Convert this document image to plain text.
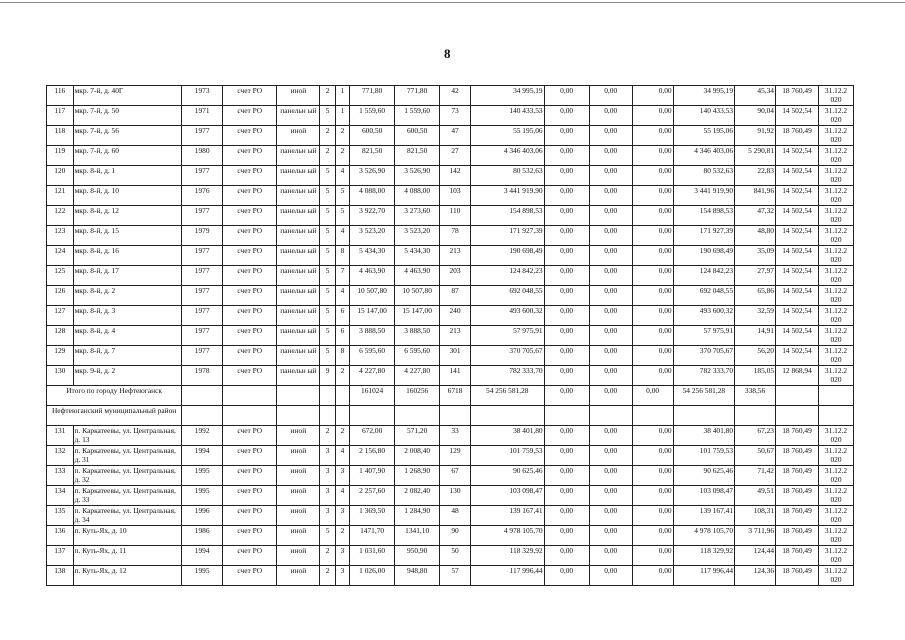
8
116	мкр. 7-й, д. 40Г	1973	счет РО	иной	2	1	771,80	771,80	42	34 995,19	0,00	0,00	0,00	34 995,19	45,34	18 760,49	31.12.2 020
117	мкр. 7-й, д. 50	1971	счет РО	панельн ый	5	1	1 559,60	1 559,60	73	140 433,53	0,00	0,00	0,00	140 433,53	90,04	14 502,54	31.12.2 020
118	мкр. 7-й, д. 56	1977	счет РО	иной	2	2	600,50	600,50	47	55 195,06	0,00	0,00	0,00	55 195,06	91,92	18 760,49	31.12.2 020
119	мкр. 7-й, д. 60	1980	счет РО	панельн ый	2	2	821,50	821,50	27	4 346 403,06	0,00	0,00	0,00	4 346 403,06	5 290,81	14 502,54	31.12.2 020
120	мкр. 8-й, д. 1	1977	счет РО	панельн ый	5	4	3 526,90	3 526,90	142	80 532,63	0,00	0,00	0,00	80 532,63	22,83	14 502,54	31.12.2 020
121	мкр. 8-й, д. 10	1976	счет РО	панельн ый	5	5	4 088,00	4 088,00	103	3 441 919,90	0,00	0,00	0,00	3 441 919,90	841,96	14 502,54	31.12.2 020
122	мкр. 8-й, д. 12	1977	счет РО	панельн ый	5	5	3 922,70	3 273,60	110	154 898,53	0,00	0,00	0,00	154 898,53	47,32	14 502,54	31.12.2 020
123	мкр. 8-й, д. 15	1979	счет РО	панельн ый	5	4	3 523,20	3 523,20	78	171 927,39	0,00	0,00	0,00	171 927,39	48,80	14 502,54	31.12.2 020
124	мкр. 8-й, д. 16	1977	счет РО	панельн ый	5	8	5 434,30	5 434,30	213	190 698,49	0,00	0,00	0,00	190 698,49	35,09	14 502,54	31.12.2 020
125	мкр. 8-й, д. 17	1977	счет РО	панельн ый	5	7	4 463,90	4 463,90	203	124 842,23	0,00	0,00	0,00	124 842,23	27,97	14 502,54	31.12.2 020
126	мкр. 8-й, д. 2	1977	счет РО	панельн ый	5	4	10 507,80	10 507,80	87	692 048,55	0,00	0,00	0,00	692 048,55	65,86	14 502,54	31.12.2 020
127	мкр. 8-й, д. 3	1977	счет РО	панельн ый	5	6	15 147,00	15 147,00	240	493 600,32	0,00	0,00	0,00	493 600,32	32,59	14 502,54	31.12.2 020
128	мкр. 8-й, д. 4	1977	счет РО	панельн ый	5	6	3 888,50	3 888,50	213	57 975,91	0,00	0,00	0,00	57 975,91	14,91	14 502,54	31.12.2 020
129	мкр. 8-й, д. 7	1977	счет РО	панельн ый	5	8	6 595,60	6 595,60	301	370 705,67	0,00	0,00	0,00	370 705,67	56,20	14 502,54	31.12.2 020
130	мкр. 9-й, д. 2	1978	счет РО	панельн ый	9	2	4 227,80	4 227,80	141	782 333,70	0,00	0,00	0,00	782 333,70	185,05	12 868,94	31.12.2 020
Итого по городу Нефтеюганск							161024	160256	6718	54 256 581,28	0,00	0,00	0,00	54 256 581,28	338,56		
Нефтеюганский муниципальный район																	
131	п. Каркатеевы, ул. Центральная, д. 13	1992	счет РО	иной	2	2	672,00	571,20	33	38 401,80	0,00	0,00	0,00	38 401,80	67,23	18 760,49	31.12.2 020
132	п. Каркатеевы, ул. Центральная, д. 31	1994	счет РО	иной	3	4	2 156,80	2 008,40	129	101 759,53	0,00	0,00	0,00	101 759,53	50,67	18 760,49	31.12.2 020
133	п. Каркатеевы, ул. Центральная, д. 32	1995	счет РО	иной	3	3	1 407,90	1 268,90	67	90 625,46	0,00	0,00	0,00	90 625,46	71,42	18 760,49	31.12.2 020
134	п. Каркатеевы, ул. Центральная, д. 33	1995	счет РО	иной	3	4	2 257,60	2 082,40	130	103 098,47	0,00	0,00	0,00	103 098,47	49,51	18 760,49	31.12.2 020
135	п. Каркатеевы, ул. Центральная, д. 34	1996	счет РО	иной	3	3	1 369,50	1 284,90	48	139 167,41	0,00	0,00	0,00	139 167,41	108,31	18 760,49	31.12.2 020
136	п. Куть-Ях, д. 10	1986	счет РО	иной	5	2	1471,70	1341,10	90	4 978 105,70	0,00	0,00	0,00	4 978 105,70	3 711,96	18 760,49	31.12.2 020
137	п. Куть-Ях, д. 11	1994	счет РО	иной	2	3	1 031,60	950,90	50	118 329,92	0,00	0,00	0,00	118 329,92	124,44	18 760,49	31.12.2 020
138	п. Куть-Ях, д. 12	1995	счет РО	иной	2	3	1 026,00	948,80	57	117 996,44	0,00	0,00	0,00	117 996,44	124,36	18 760,49	31.12.2 020
